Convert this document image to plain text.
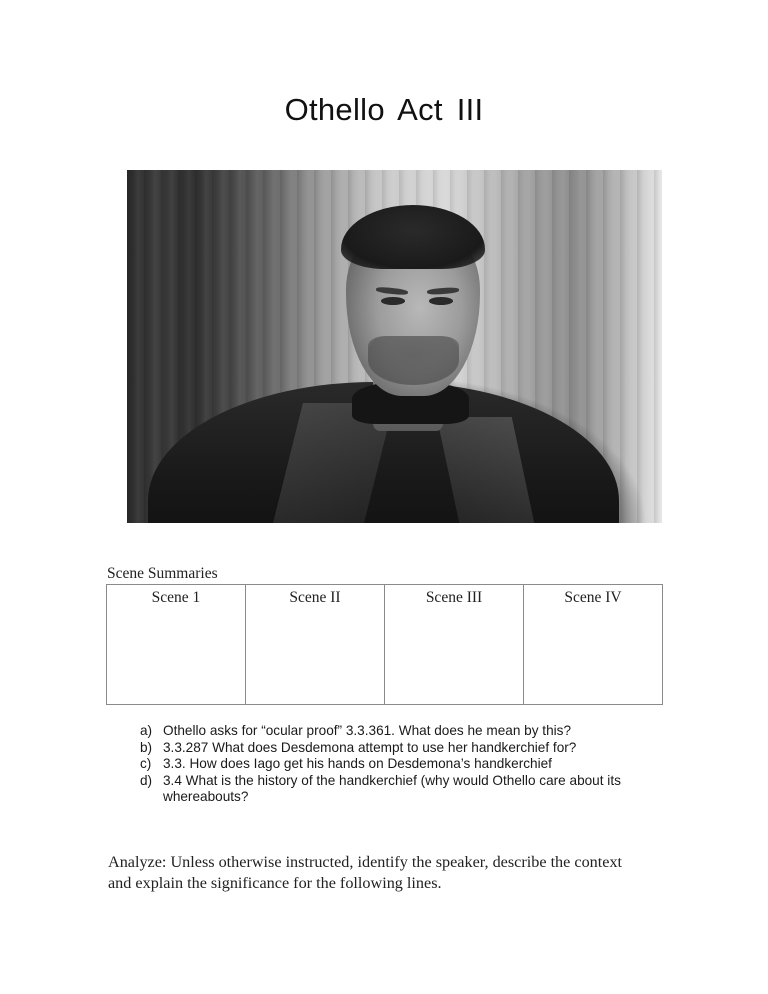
Othello Act III

Scene Summaries

Scene 1	Scene II	Scene III	Scene IV
a) Othello asks for “ocular proof” 3.3.361. What does he mean by this?
b) 3.3.287 What does Desdemona attempt to use her handkerchief for?
c) 3.3. How does Iago get his hands on Desdemona’s handkerchief
d) 3.4 What is the history of the handkerchief (why would Othello care about its whereabouts?

Analyze: Unless otherwise instructed, identify the speaker, describe the context and explain the significance for the following lines.
